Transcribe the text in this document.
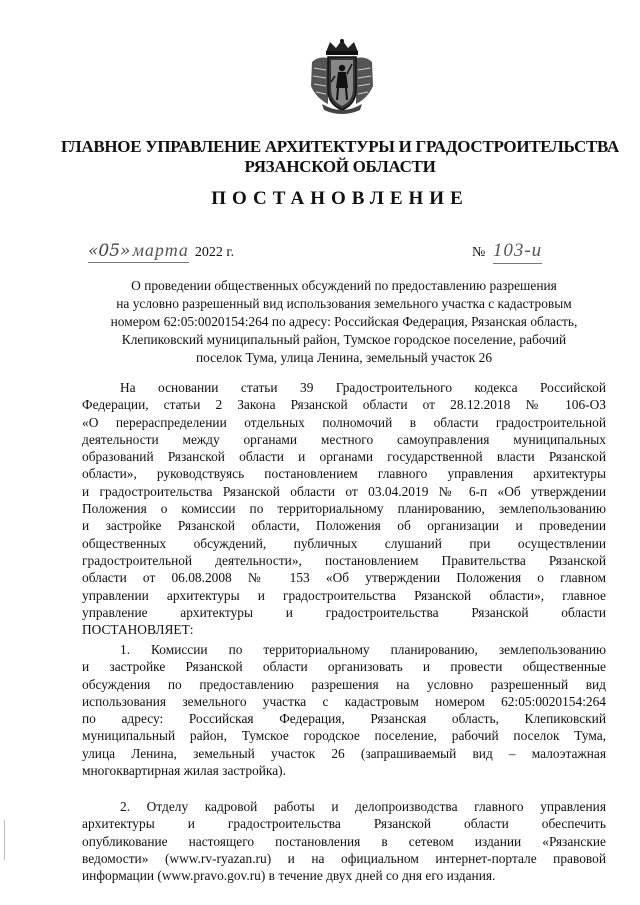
ГЛАВНОЕ УПРАВЛЕНИЕ АРХИТЕКТУРЫ И ГРАДОСТРОИТЕЛЬСТВА
РЯЗАНСКОЙ ОБЛАСТИ
ПОСТАНОВЛЕНИЕ
«05» марта 2022 г.	№ 103-и
О проведении общественных обсуждений по предоставлению разрешения
на условно разрешенный вид использования земельного участка с кадастровым
номером 62:05:0020154:264 по адресу: Российская Федерация, Рязанская область,
Клепиковский муниципальный район, Тумское городское поселение, рабочий
поселок Тума, улица Ленина, земельный участок 26
На основании статьи 39 Градостроительного кодекса Российской
Федерации, статьи 2 Закона Рязанской области от 28.12.2018 № 106-ОЗ
«О перераспределении отдельных полномочий в области градостроительной
деятельности между органами местного самоуправления муниципальных
образований Рязанской области и органами государственной власти Рязанской
области», руководствуясь постановлением главного управления архитектуры
и градостроительства Рязанской области от 03.04.2019 № 6-п «Об утверждении
Положения о комиссии по территориальному планированию, землепользованию
и застройке Рязанской области, Положения об организации и проведении
общественных обсуждений, публичных слушаний при осуществлении
градостроительной деятельности», постановлением Правительства Рязанской
области от 06.08.2008 № 153 «Об утверждении Положения о главном
управлении архитектуры и градостроительства Рязанской области», главное
управление архитектуры и градостроительства Рязанской области
ПОСТАНОВЛЯЕТ:
1. Комиссии по территориальному планированию, землепользованию
и застройке Рязанской области организовать и провести общественные
обсуждения по предоставлению разрешения на условно разрешенный вид
использования земельного участка с кадастровым номером 62:05:0020154:264
по адресу: Российская Федерация, Рязанская область, Клепиковский
муниципальный район, Тумское городское поселение, рабочий поселок Тума,
улица Ленина, земельный участок 26 (запрашиваемый вид – малоэтажная
многоквартирная жилая застройка).
2. Отделу кадровой работы и делопроизводства главного управления
архитектуры и градостроительства Рязанской области обеспечить
опубликование настоящего постановления в сетевом издании «Рязанские
ведомости» (www.rv-ryazan.ru) и на официальном интернет-портале правовой
информации (www.pravo.gov.ru) в течение двух дней со дня его издания.
